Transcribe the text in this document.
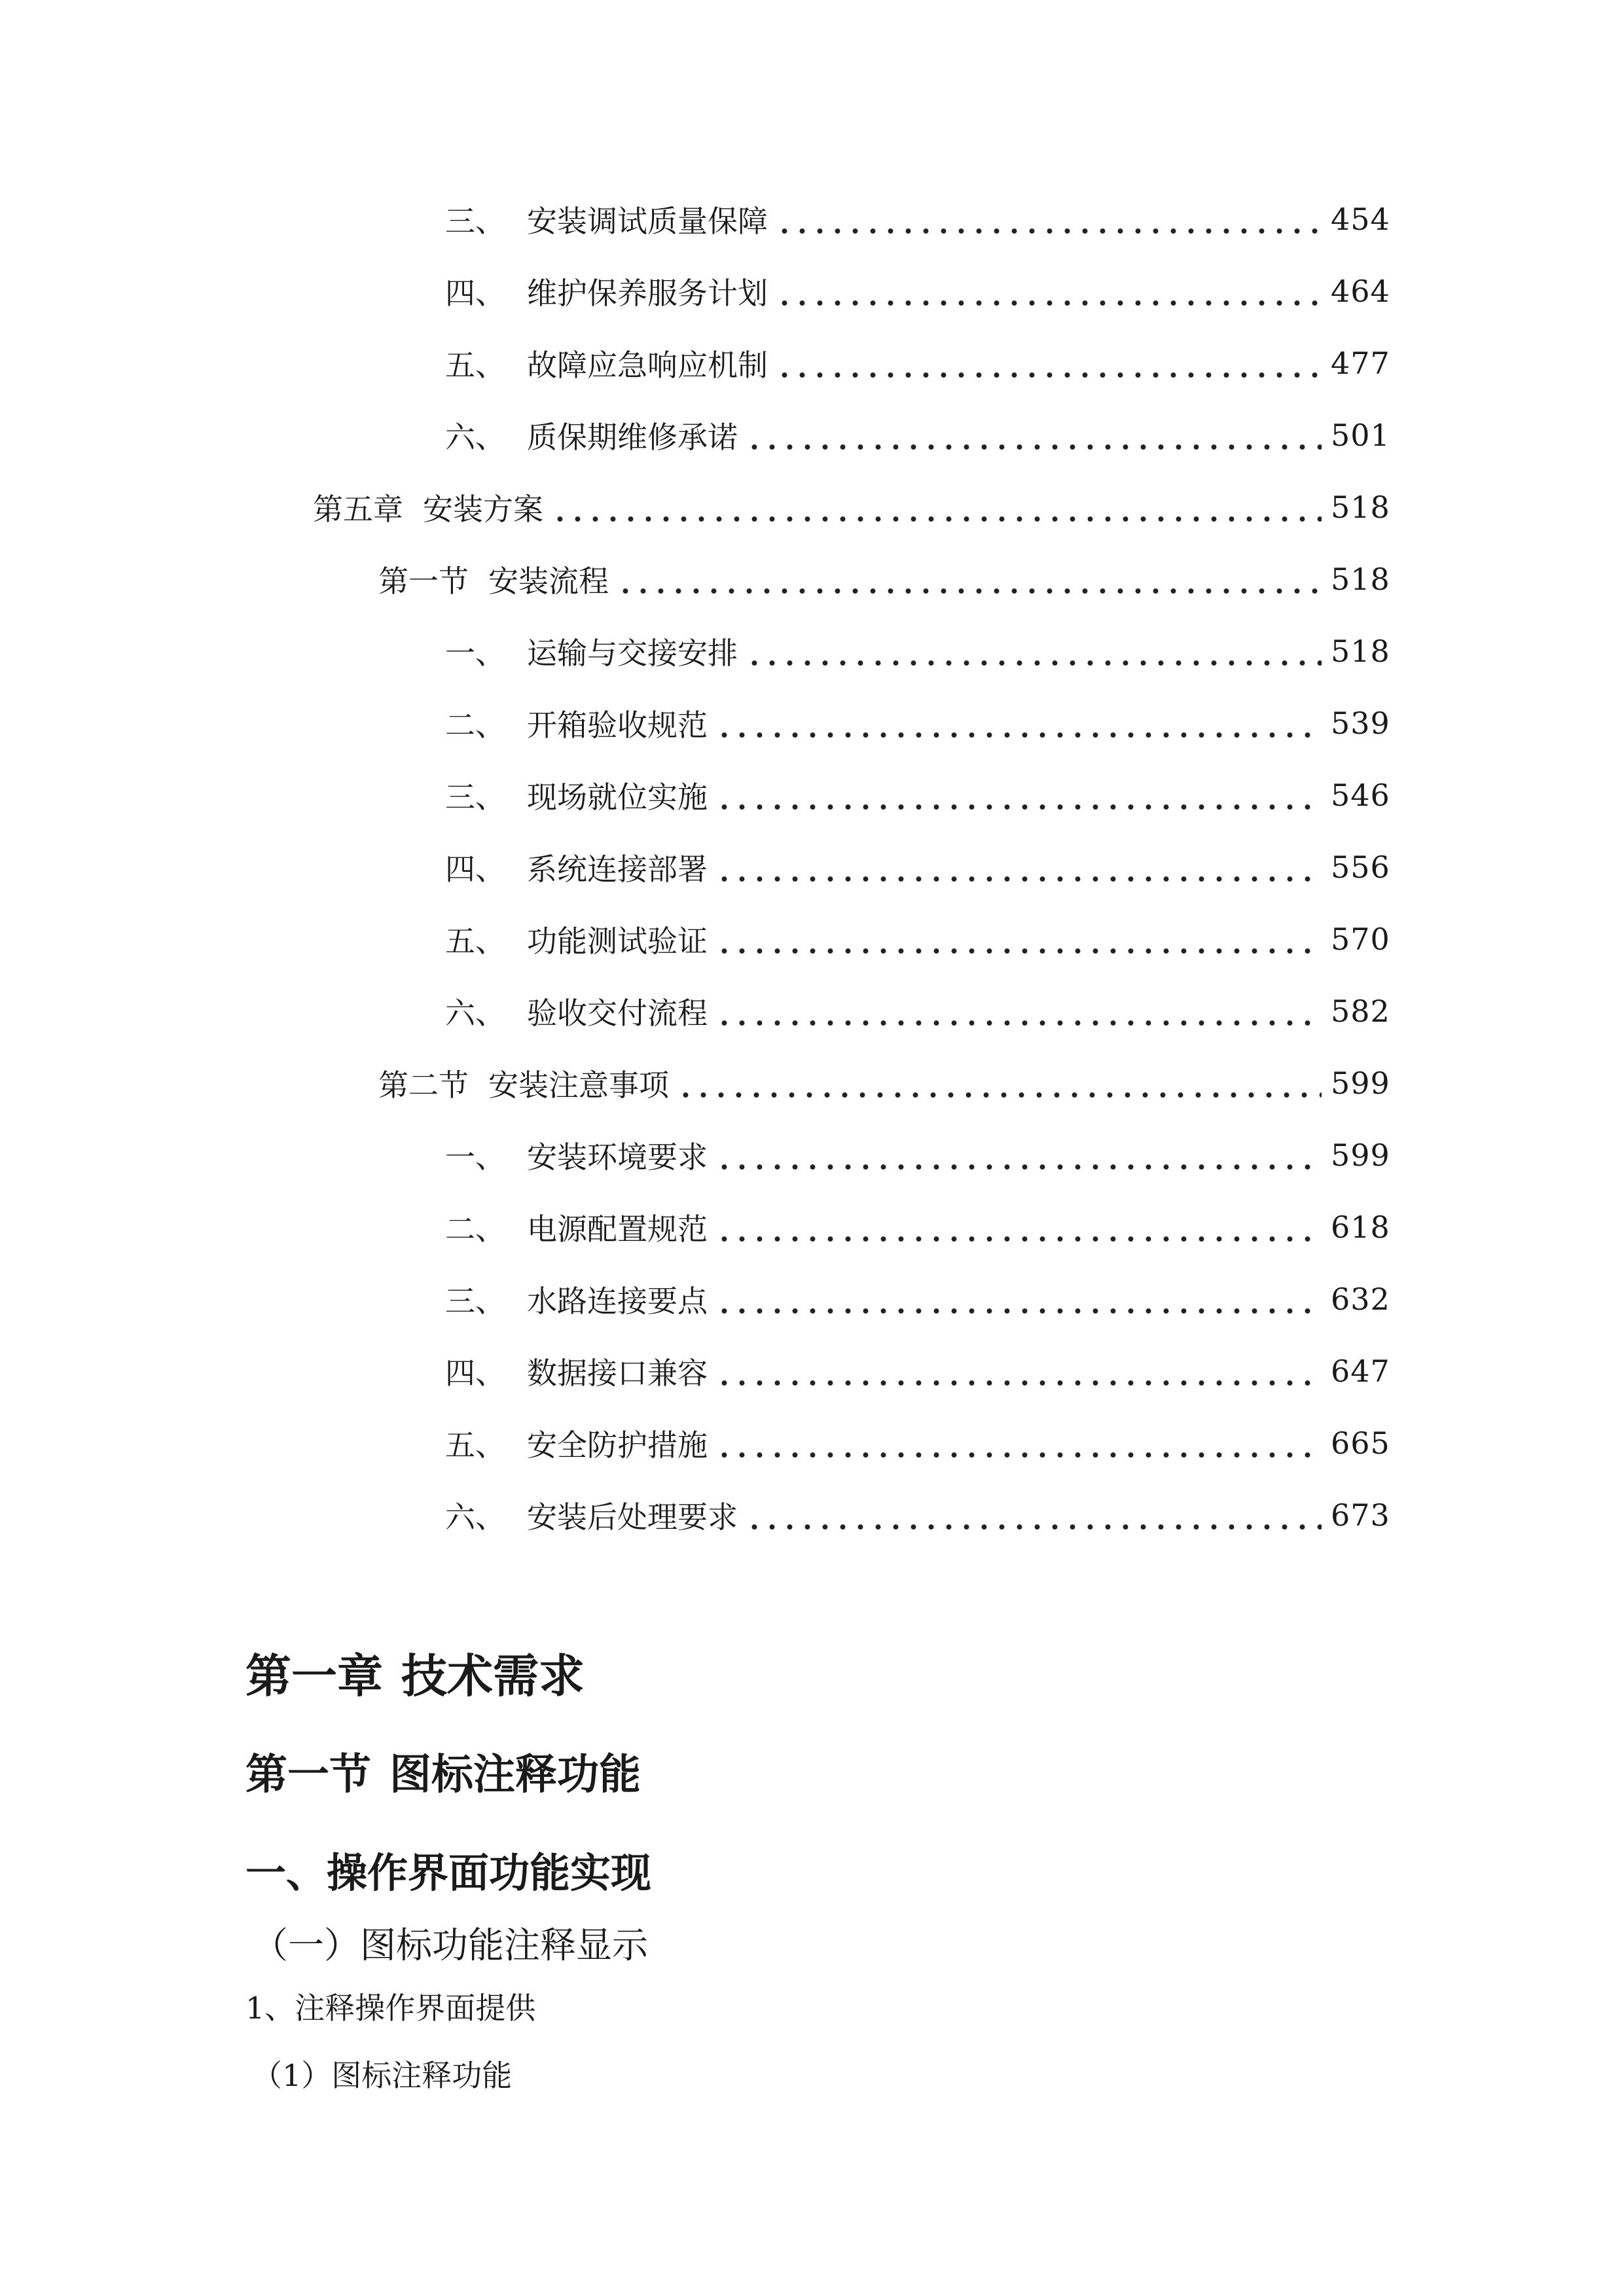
三、 安装调试质量保障	454
四、 维护保养服务计划	464
五、 故障应急响应机制	477
六、 质保期维修承诺	501
第五章 安装方案	518
第一节 安装流程	518
一、 运输与交接安排	518
二、 开箱验收规范	539
三、 现场就位实施	546
四、 系统连接部署	556
五、 功能测试验证	570
六、 验收交付流程	582
第二节 安装注意事项	599
一、 安装环境要求	599
二、 电源配置规范	618
三、 水路连接要点	632
四、 数据接口兼容	647
五、 安全防护措施	665
六、 安装后处理要求	673
第一章 技术需求
第一节 图标注释功能
一、操作界面功能实现
（一）图标功能注释显示
1、注释操作界面提供
（1）图标注释功能
